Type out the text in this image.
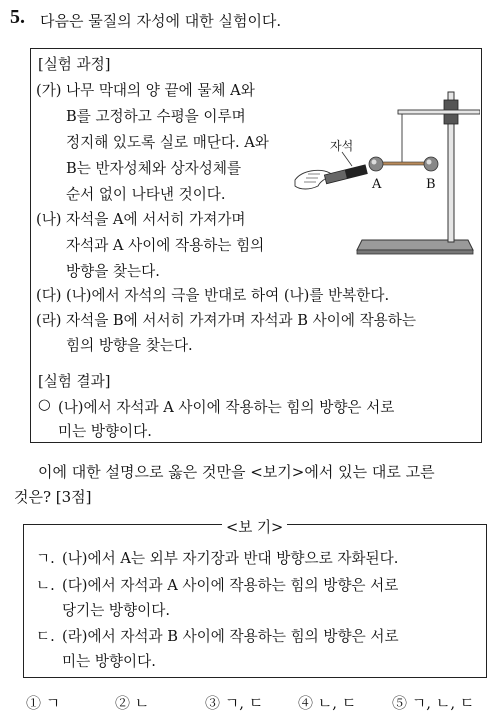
5. 다음은 물질의 자성에 대한 실험이다.
[실험 과정]
(가) 나무 막대의 양 끝에 물체 A와
B를 고정하고 수평을 이루며
정지해 있도록 실로 매단다. A와
B는 반자성체와 상자성체를
순서 없이 나타낸 것이다.
(나) 자석을 A에 서서히 가져가며
자석과 A 사이에 작용하는 힘의
방향을 찾는다.
(다) (나)에서 자석의 극을 반대로 하여 (나)를 반복한다.
(라) 자석을 B에 서서히 가져가며 자석과 B 사이에 작용하는
힘의 방향을 찾는다.
[실험 결과]
○ (나)에서 자석과 A 사이에 작용하는 힘의 방향은 서로
미는 방향이다.
자석
A	B
이에 대한 설명으로 옳은 것만을 <보기>에서 있는 대로 고른
것은? [3점]
<보 기>
ㄱ. (나)에서 A는 외부 자기장과 반대 방향으로 자화된다.
ㄴ. (다)에서 자석과 A 사이에 작용하는 힘의 방향은 서로
당기는 방향이다.
ㄷ. (라)에서 자석과 B 사이에 작용하는 힘의 방향은 서로
미는 방향이다.
① ㄱ	② ㄴ	③ ㄱ, ㄷ ④ ㄴ, ㄷ ⑤ ㄱ, ㄴ, ㄷ
